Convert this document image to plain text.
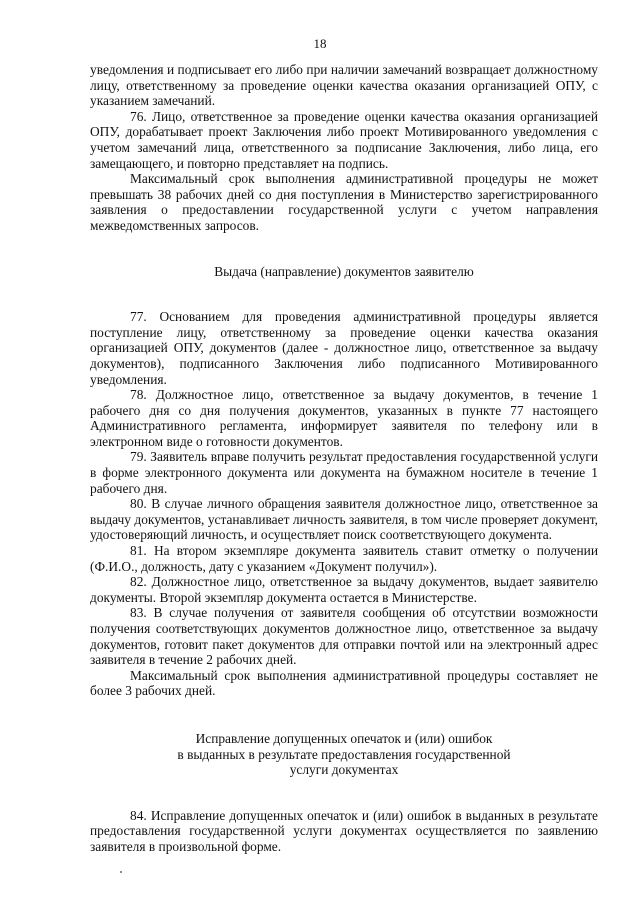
18

уведомления и подписывает его либо при наличии замечаний возвращает должностному лицу, ответственному за проведение оценки качества оказания организацией ОПУ, с указанием замечаний.

76. Лицо, ответственное за проведение оценки качества оказания организацией ОПУ, дорабатывает проект Заключения либо проект Мотивированного уведомления с учетом замечаний лица, ответственного за подписание Заключения, либо лица, его замещающего, и повторно представляет на подпись.

Максимальный срок выполнения административной процедуры не может превышать 38 рабочих дней со дня поступления в Министерство зарегистрированного заявления о предоставлении государственной услуги с учетом направления межведомственных запросов.

Выдача (направление) документов заявителю

77. Основанием для проведения административной процедуры является поступление лицу, ответственному за проведение оценки качества оказания организацией ОПУ, документов (далее - должностное лицо, ответственное за выдачу документов), подписанного Заключения либо подписанного Мотивированного уведомления.

78. Должностное лицо, ответственное за выдачу документов, в течение 1 рабочего дня со дня получения документов, указанных в пункте 77 настоящего Административного регламента, информирует заявителя по телефону или в электронном виде о готовности документов.

79. Заявитель вправе получить результат предоставления государственной услуги в форме электронного документа или документа на бумажном носителе в течение 1 рабочего дня.

80. В случае личного обращения заявителя должностное лицо, ответственное за выдачу документов, устанавливает личность заявителя, в том числе проверяет документ, удостоверяющий личность, и осуществляет поиск соответствующего документа.

81. На втором экземпляре документа заявитель ставит отметку о получении (Ф.И.О., должность, дату с указанием «Документ получил»).

82. Должностное лицо, ответственное за выдачу документов, выдает заявителю документы. Второй экземпляр документа остается в Министерстве.

83. В случае получения от заявителя сообщения об отсутствии возможности получения соответствующих документов должностное лицо, ответственное за выдачу документов, готовит пакет документов для отправки почтой или на электронный адрес заявителя в течение 2 рабочих дней.

Максимальный срок выполнения административной процедуры составляет не более 3 рабочих дней.

Исправление допущенных опечаток и (или) ошибок
в выданных в результате предоставления государственной
услуги документах

84. Исправление допущенных опечаток и (или) ошибок в выданных в результате предоставления государственной услуги документах осуществляется по заявлению заявителя в произвольной форме.
